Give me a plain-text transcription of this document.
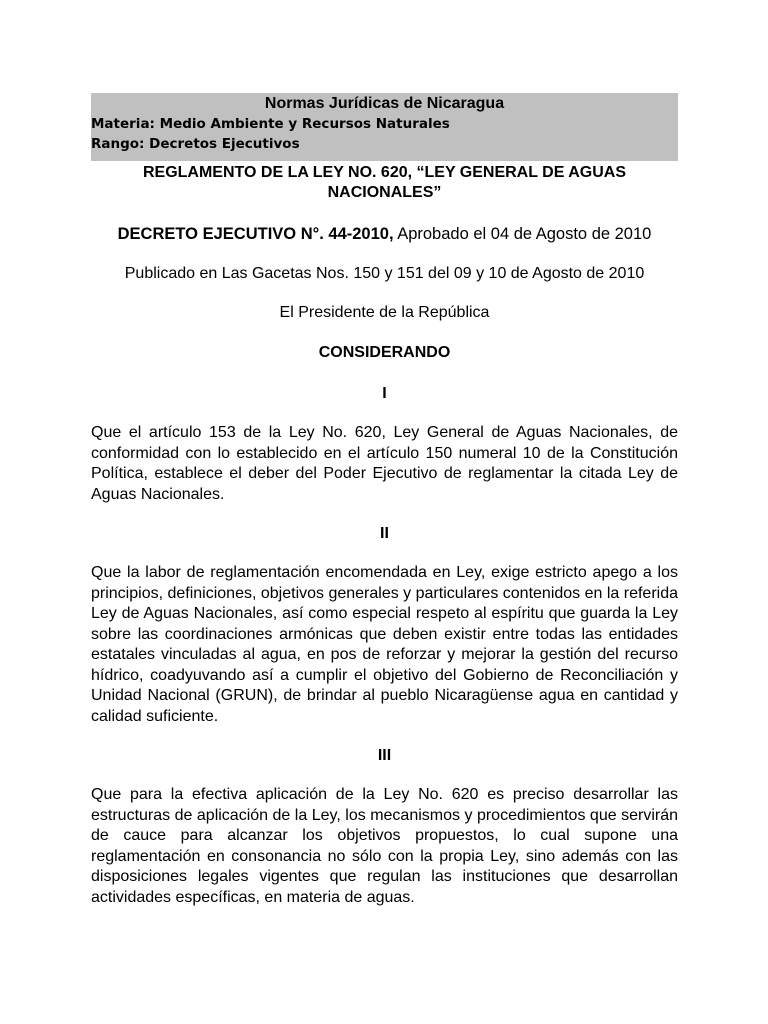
Normas Jurídicas de Nicaragua
Materia: Medio Ambiente y Recursos Naturales
Rango: Decretos Ejecutivos
REGLAMENTO DE LA LEY NO. 620, “LEY GENERAL DE AGUAS NACIONALES”
DECRETO EJECUTIVO N°. 44-2010, Aprobado el 04 de Agosto de 2010
Publicado en Las Gacetas Nos. 150 y 151 del 09 y 10 de Agosto de 2010
El Presidente de la República
CONSIDERANDO
I
Que el artículo 153 de la Ley No. 620, Ley General de Aguas Nacionales, de conformidad con lo establecido en el artículo 150 numeral 10 de la Constitución Política, establece el deber del Poder Ejecutivo de reglamentar la citada Ley de Aguas Nacionales.
II
Que la labor de reglamentación encomendada en Ley, exige estricto apego a los principios, definiciones, objetivos generales y particulares contenidos en la referida Ley de Aguas Nacionales, así como especial respeto al espíritu que guarda la Ley sobre las coordinaciones armónicas que deben existir entre todas las entidades estatales vinculadas al agua, en pos de reforzar y mejorar la gestión del recurso hídrico, coadyuvando así a cumplir el objetivo del Gobierno de Reconciliación y Unidad Nacional (GRUN), de brindar al pueblo Nicaragüense agua en cantidad y calidad suficiente.
III
Que para la efectiva aplicación de la Ley No. 620 es preciso desarrollar las estructuras de aplicación de la Ley, los mecanismos y procedimientos que servirán de cauce para alcanzar los objetivos propuestos, lo cual supone una reglamentación en consonancia no sólo con la propia Ley, sino además con las disposiciones legales vigentes que regulan las instituciones que desarrollan actividades específicas, en materia de aguas.
